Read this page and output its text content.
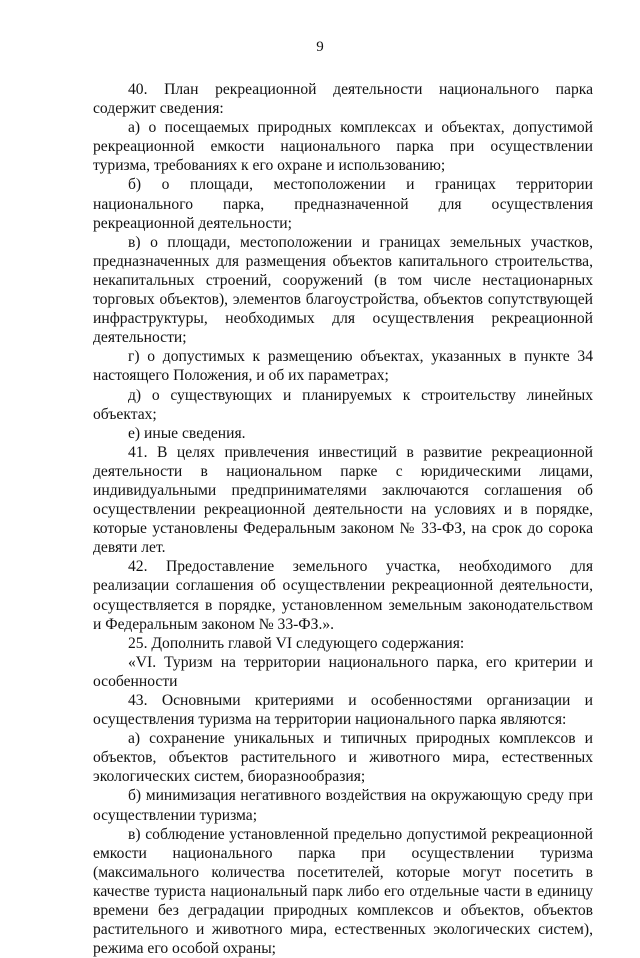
9

40. План рекреационной деятельности национального парка содержит сведения:

а) о посещаемых природных комплексах и объектах, допустимой рекреационной емкости национального парка при осуществлении туризма, требованиях к его охране и использованию;

б) о площади, местоположении и границах территории национального парка, предназначенной для осуществления рекреационной деятельности;

в) о площади, местоположении и границах земельных участков, предназначенных для размещения объектов капитального строительства, некапитальных строений, сооружений (в том числе нестационарных торговых объектов), элементов благоустройства, объектов сопутствующей инфраструктуры, необходимых для осуществления рекреационной деятельности;

г) о допустимых к размещению объектах, указанных в пункте 34 настоящего Положения, и об их параметрах;

д) о существующих и планируемых к строительству линейных объектах;

е) иные сведения.

41. В целях привлечения инвестиций в развитие рекреационной деятельности в национальном парке с юридическими лицами, индивидуальными предпринимателями заключаются соглашения об осуществлении рекреационной деятельности на условиях и в порядке, которые установлены Федеральным законом № 33-ФЗ, на срок до сорока девяти лет.

42. Предоставление земельного участка, необходимого для реализации соглашения об осуществлении рекреационной деятельности, осуществляется в порядке, установленном земельным законодательством и Федеральным законом № 33-ФЗ.».

25. Дополнить главой VI следующего содержания:

«VI. Туризм на территории национального парка, его критерии и особенности

43. Основными критериями и особенностями организации и осуществления туризма на территории национального парка являются:

а) сохранение уникальных и типичных природных комплексов и объектов, объектов растительного и животного мира, естественных экологических систем, биоразнообразия;

б) минимизация негативного воздействия на окружающую среду при осуществлении туризма;

в) соблюдение установленной предельно допустимой рекреационной емкости национального парка при осуществлении туризма (максимального количества посетителей, которые могут посетить в качестве туриста национальный парк либо его отдельные части в единицу времени без деградации природных комплексов и объектов, объектов растительного и животного мира, естественных экологических систем), режима его особой охраны;
